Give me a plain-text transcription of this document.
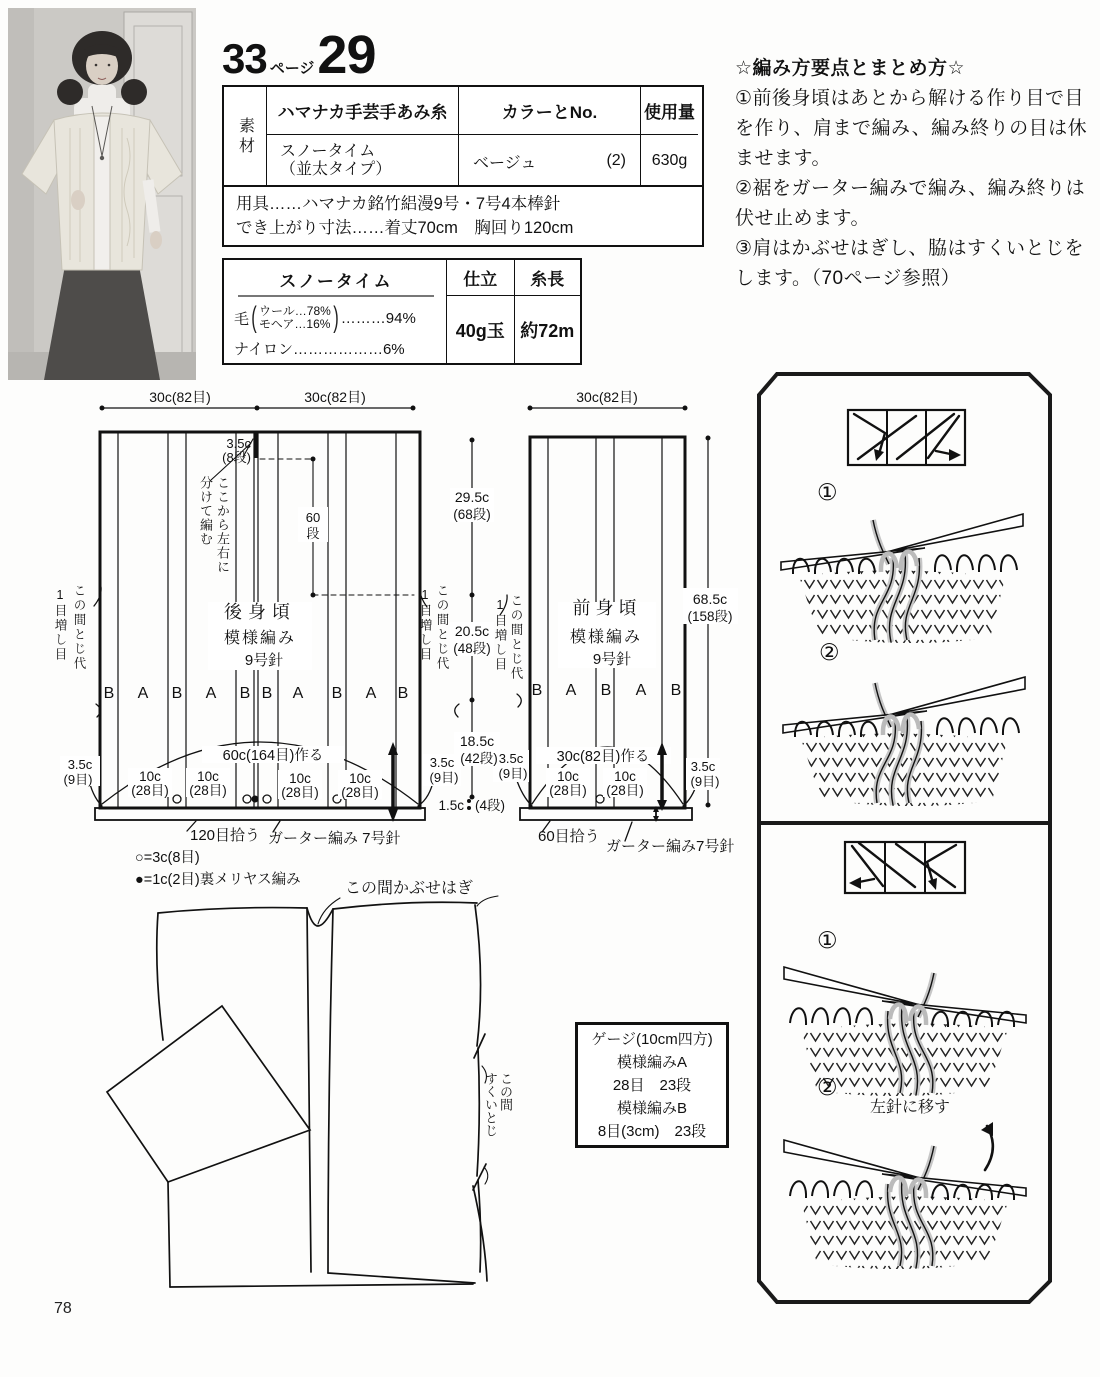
33 ページ 29
素材
ハマナカ手芸手あみ糸	カラーとNo.	使用量
スノータイム
（並太タイプ）	ベージュ	(2)	630g
用具……ハマナカ銘竹絽漫9号・7号4本棒針
でき上がり寸法……着丈70cm　胸回り120cm
スノータイム
毛 ( ウール…78%
モヘア…16% ) ……… 94%
ナイロン………………6%
仕立	糸長
40g玉 約72m
☆編み方要点とまとめ方☆
①前後身頃はあとから解ける作り目で目を作り、肩まで編み、編み終りの目は休ませます。
②裾をガーター編みで編み、編み終りは伏せ止めます。
③肩はかぶせはぎし、脇はすくいとじをします。（70ページ参照）
30c(82目)	30c(82目)	30c(82目)
3.5c
(8段)
60
段
29.5c
(68段)
20.5c
(48段)
18.5c
(42段)
1.5c (4段)
68.5c
(158段)
後身頃
模様編み
9号針
前身頃
模様編み
9号針
B A B A B B A B A B	B A B A B
60c(164目)作る	30c(82目)作る
10c
(28目)
10c
(28目)
10c
(28目)
10c
(28目)
10c
(28目)
10c
(28目)
3.5c
(9目)
3.5c
(9目)
3.5c
(9目)	3.5c
(9目)
120目拾う ガーター編み 7号針	60目拾う
ガーター編み7号針
○=3c(8目)
●=1c(2目)裏メリヤス編み
ここから左右に分けて編む
1目増し目 この間とじ代	1目増し目 この間とじ代	1目増し目 この間とじ代
この間かぶせはぎ
この間
すくいとじ
ゲージ(10cm四方)
模様編みA
28目　23段
模様編みB
8目(3cm)　23段
①
②
①
②
左針に移す
78
